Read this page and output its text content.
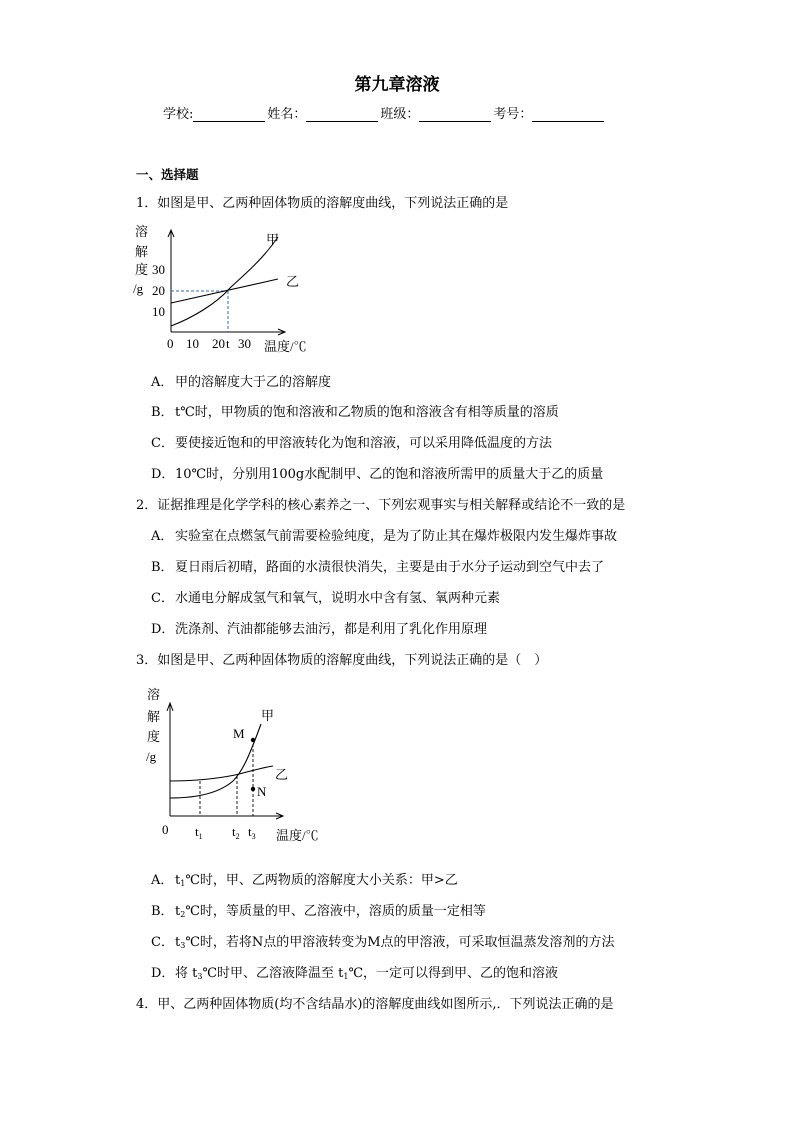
第九章溶液
学校:	姓名：	班级：	考号：
一、选择题
1．如图是甲、乙两种固体物质的溶解度曲线，下列说法正确的是
溶
解
度
/g
30
20
10
甲
乙
0 10 20 t 30 温度/℃
A． 甲的溶解度大于乙的溶解度
B．t℃时，甲物质的饱和溶液和乙物质的饱和溶液含有相等质量的溶质
C．要使接近饱和的甲溶液转化为饱和溶液，可以采用降低温度的方法
D．10℃时，分别用100g水配制甲、乙的饱和溶液所需甲的质量大于乙的质量
2．证据推理是化学学科的核心素养之一、下列宏观事实与相关解释或结论不一致的是
A． 实验室在点燃氢气前需要检验纯度，是为了防止其在爆炸极限内发生爆炸事故
B．夏日雨后初晴，路面的水渍很快消失，主要是由于水分子运动到空气中去了
C．水通电分解成氢气和氧气，说明水中含有氢、氧两种元素
D．洗涤剂、汽油都能够去油污，都是利用了乳化作用原理
3．如图是甲、乙两种固体物质的溶解度曲线，下列说法正确的是（　）
溶
解
度
/g
M
N
甲
乙
0 $t_1$ $t_2$ $t_3$ 温度/℃
A． $t_1℃$时，甲、乙两物质的溶解度大小关系：甲>乙
B．$t_2℃$时，等质量的甲、乙溶液中，溶质的质量一定相等
C．$t_3℃$时，若将N点的甲溶液转变为M点的甲溶液，可采取恒温蒸发溶剂的方法
D．将 $t_3℃$时甲、乙溶液降温至 $t_1℃$，一定可以得到甲、乙的饱和溶液
4．甲、乙两种固体物质(均不含结晶水)的溶解度曲线如图所示,．下列说法正确的是
